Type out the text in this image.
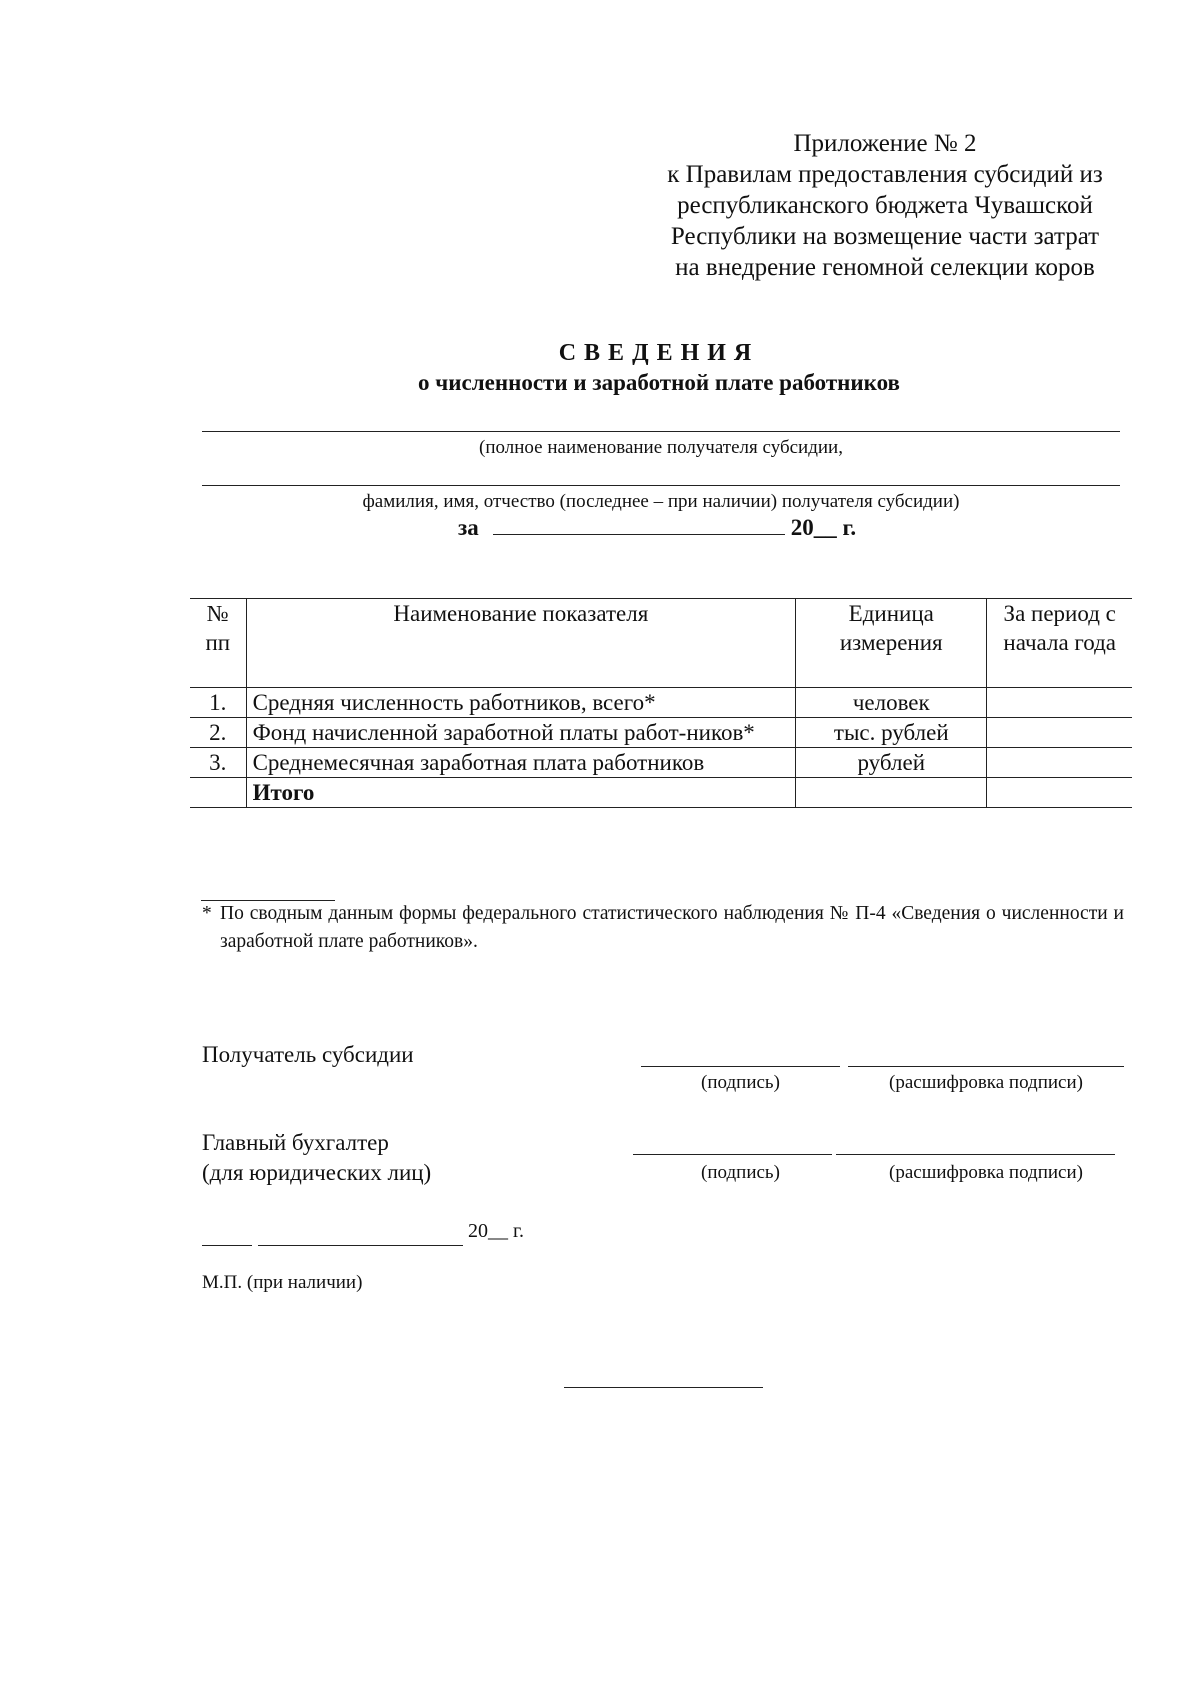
Приложение № 2
к Правилам предоставления субсидий из
республиканского бюджета Чувашской
Республики на возмещение части затрат
на внедрение геномной селекции коров
СВЕДЕНИЯ
о численности и заработной плате работников
(полное наименование получателя субсидии,
фамилия, имя, отчество (последнее – при наличии) получателя субсидии)
за	20__ г.
№ пп	Наименование показателя	Единица измерения	За период с начала года
1.	Средняя численность работников, всего*	человек	
2.	Фонд начисленной заработной платы работ-ников*	тыс. рублей	
3.	Среднемесячная заработная плата работников	рублей	
	Итого		
* По сводным данным формы федерального статистического наблюдения № П-4 «Сведения о численности и заработной плате работников».
Получатель субсидии
(подпись)	(расшифровка подписи)
Главный бухгалтер
(для юридических лиц)	(подпись)	(расшифровка подписи)
20__ г.
М.П. (при наличии)
